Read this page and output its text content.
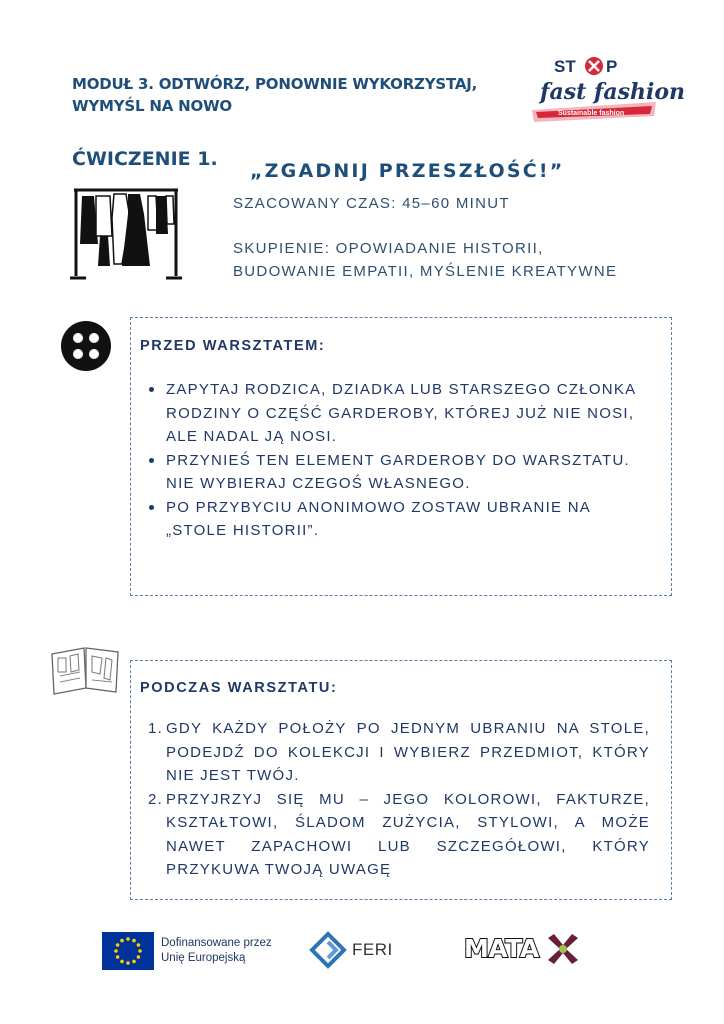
MODUŁ 3. ODTWÓRZ, PONOWNIE WYKORZYSTAJ, WYMYŚL NA NOWO
ST P
fast fashion
Sustainable fashion
ĆWICZENIE 1.
„ZGADNIJ PRZESZŁOŚĆ!”
SZACOWANY CZAS: 45–60 MINUT
SKUPIENIE: OPOWIADANIE HISTORII,
BUDOWANIE EMPATII, MYŚLENIE KREATYWNE
PRZED WARSZTATEM:
ZAPYTAJ RODZICA, DZIADKA LUB STARSZEGO CZŁONKA RODZINY O CZĘŚĆ GARDEROBY, KTÓREJ JUŻ NIE NOSI, ALE NADAL JĄ NOSI.
PRZYNIEŚ TEN ELEMENT GARDEROBY DO WARSZTATU. NIE WYBIERAJ CZEGOŚ WŁASNEGO.
PO PRZYBYCIU ANONIMOWO ZOSTAW UBRANIE NA „STOLE HISTORII”.
PODCZAS WARSZTATU:
1. GDY KAŻDY POŁOŻY PO JEDNYM UBRANIU NA STOLE, PODEJDŹ DO KOLEKCJI I WYBIERZ PRZEDMIOT, KTÓRY NIE JEST TWÓJ.
2. PRZYJRZYJ SIĘ MU – JEGO KOLOROWI, FAKTURZE, KSZTAŁTOWI, ŚLADOM ZUŻYCIA, STYLOWI, A MOŻE NAWET ZAPACHOWI LUB SZCZEGÓŁOWI, KTÓRY PRZYKUWA TWOJĄ UWAGĘ
Dofinansowane przez
Unię Europejską	FERI	MATA
